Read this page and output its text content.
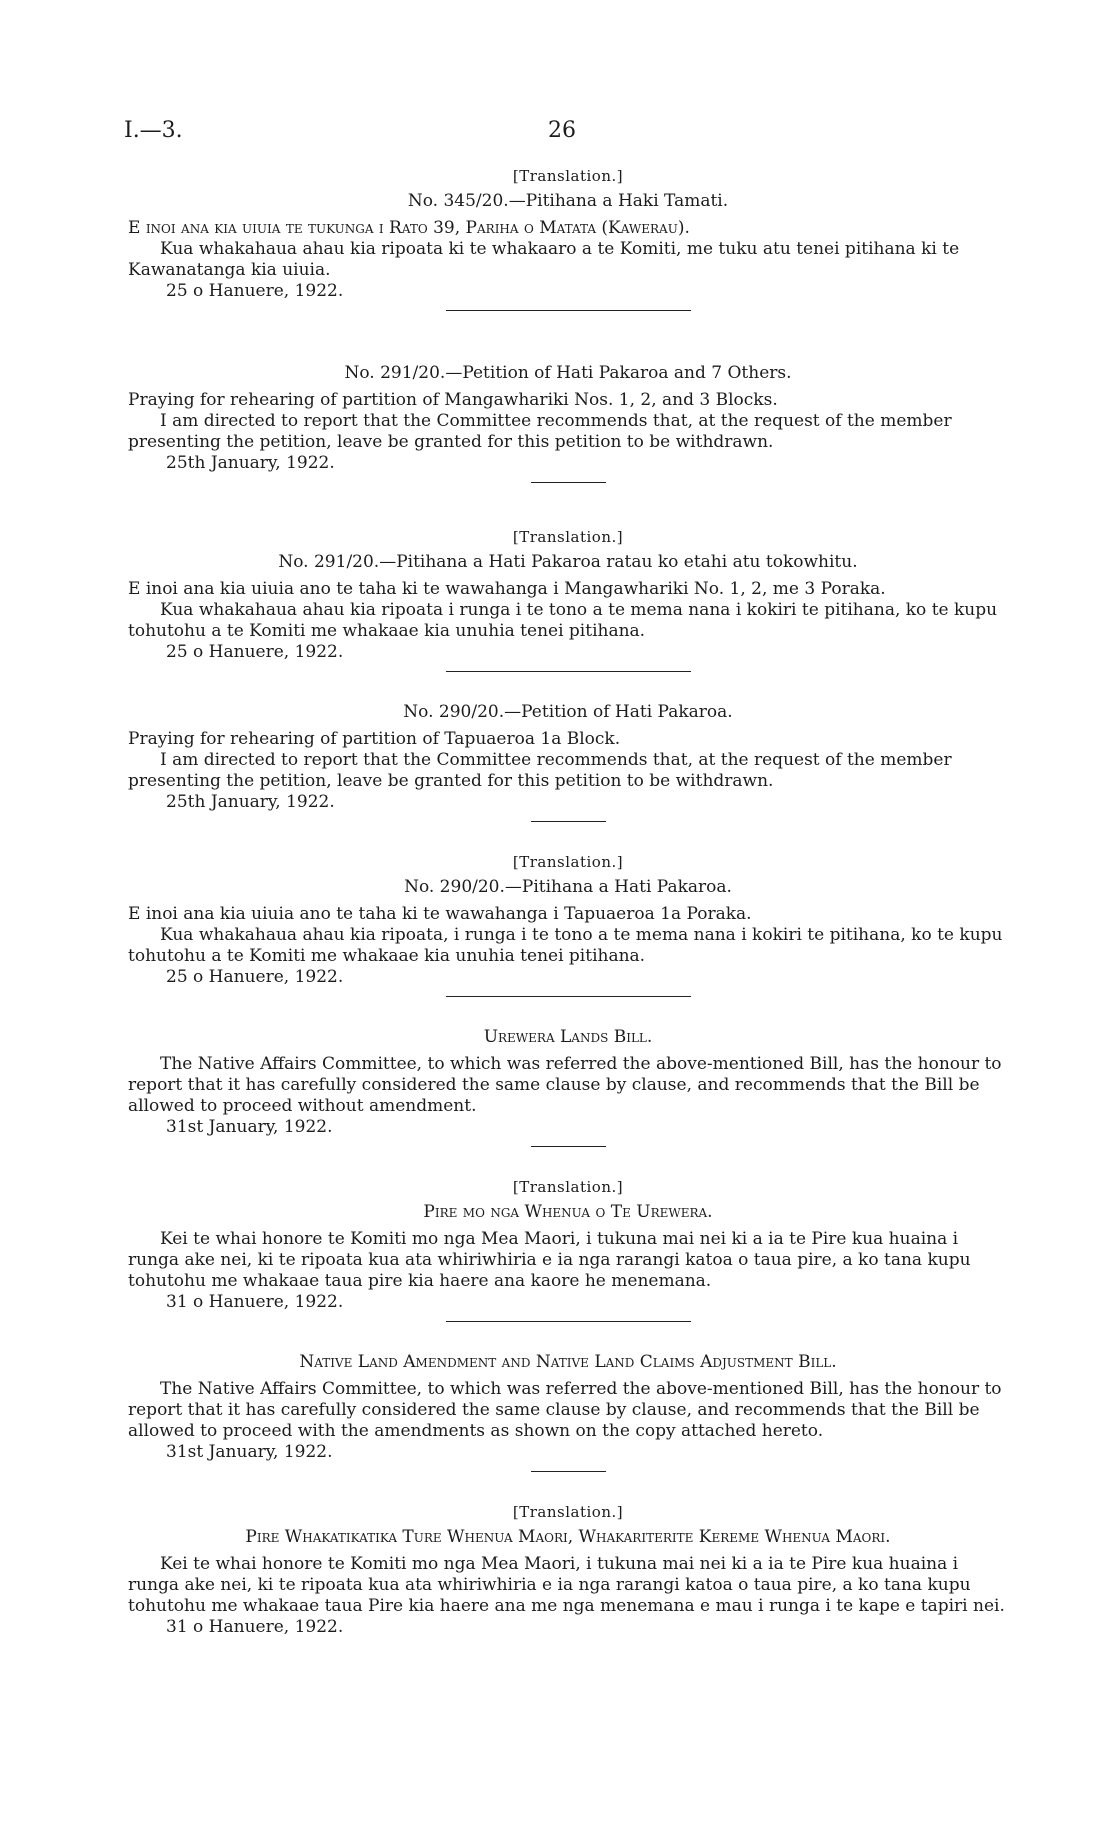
I.—3.	26
[Translation.]
No. 345/20.—Pitihana a Haki Tamati.

E inoi ana kia uiuia te tukunga i Rato 39, Pariha o Matata (Kawerau).

Kua whakahaua ahau kia ripoata ki te whakaaro a te Komiti, me tuku atu tenei pitihana ki te Kawanatanga kia uiuia.

25 o Hanuere, 1922.

No. 291/20.—Petition of Hati Pakaroa and 7 Others.

Praying for rehearing of partition of Mangawhariki Nos. 1, 2, and 3 Blocks.

I am directed to report that the Committee recommends that, at the request of the member presenting the petition, leave be granted for this petition to be withdrawn.

25th January, 1922.

[Translation.]
No. 291/20.—Pitihana a Hati Pakaroa ratau ko etahi atu tokowhitu.

E inoi ana kia uiuia ano te taha ki te wawahanga i Mangawhariki No. 1, 2, me 3 Poraka.

Kua whakahaua ahau kia ripoata i runga i te tono a te mema nana i kokiri te pitihana, ko te kupu tohutohu a te Komiti me whakaae kia unuhia tenei pitihana.

25 o Hanuere, 1922.

No. 290/20.—Petition of Hati Pakaroa.

Praying for rehearing of partition of Tapuaeroa 1a Block.

I am directed to report that the Committee recommends that, at the request of the member presenting the petition, leave be granted for this petition to be withdrawn.

25th January, 1922.

[Translation.]
No. 290/20.—Pitihana a Hati Pakaroa.

E inoi ana kia uiuia ano te taha ki te wawahanga i Tapuaeroa 1a Poraka.

Kua whakahaua ahau kia ripoata, i runga i te tono a te mema nana i kokiri te pitihana, ko te kupu tohutohu a te Komiti me whakaae kia unuhia tenei pitihana.

25 o Hanuere, 1922.

Urewera Lands Bill.

The Native Affairs Committee, to which was referred the above-mentioned Bill, has the honour to report that it has carefully considered the same clause by clause, and recommends that the Bill be allowed to proceed without amendment.

31st January, 1922.

[Translation.]
Pire mo nga Whenua o Te Urewera.

Kei te whai honore te Komiti mo nga Mea Maori, i tukuna mai nei ki a ia te Pire kua huaina i runga ake nei, ki te ripoata kua ata whiriwhiria e ia nga rarangi katoa o taua pire, a ko tana kupu tohutohu me whakaae taua pire kia haere ana kaore he menemana.

31 o Hanuere, 1922.

Native Land Amendment and Native Land Claims Adjustment Bill.

The Native Affairs Committee, to which was referred the above-mentioned Bill, has the honour to report that it has carefully considered the same clause by clause, and recommends that the Bill be allowed to proceed with the amendments as shown on the copy attached hereto.

31st January, 1922.

[Translation.]
Pire Whakatikatika Ture Whenua Maori, Whakariterite Kereme Whenua Maori.

Kei te whai honore te Komiti mo nga Mea Maori, i tukuna mai nei ki a ia te Pire kua huaina i runga ake nei, ki te ripoata kua ata whiriwhiria e ia nga rarangi katoa o taua pire, a ko tana kupu tohutohu me whakaae taua Pire kia haere ana me nga menemana e mau i runga i te kape e tapiri nei.

31 o Hanuere, 1922.
